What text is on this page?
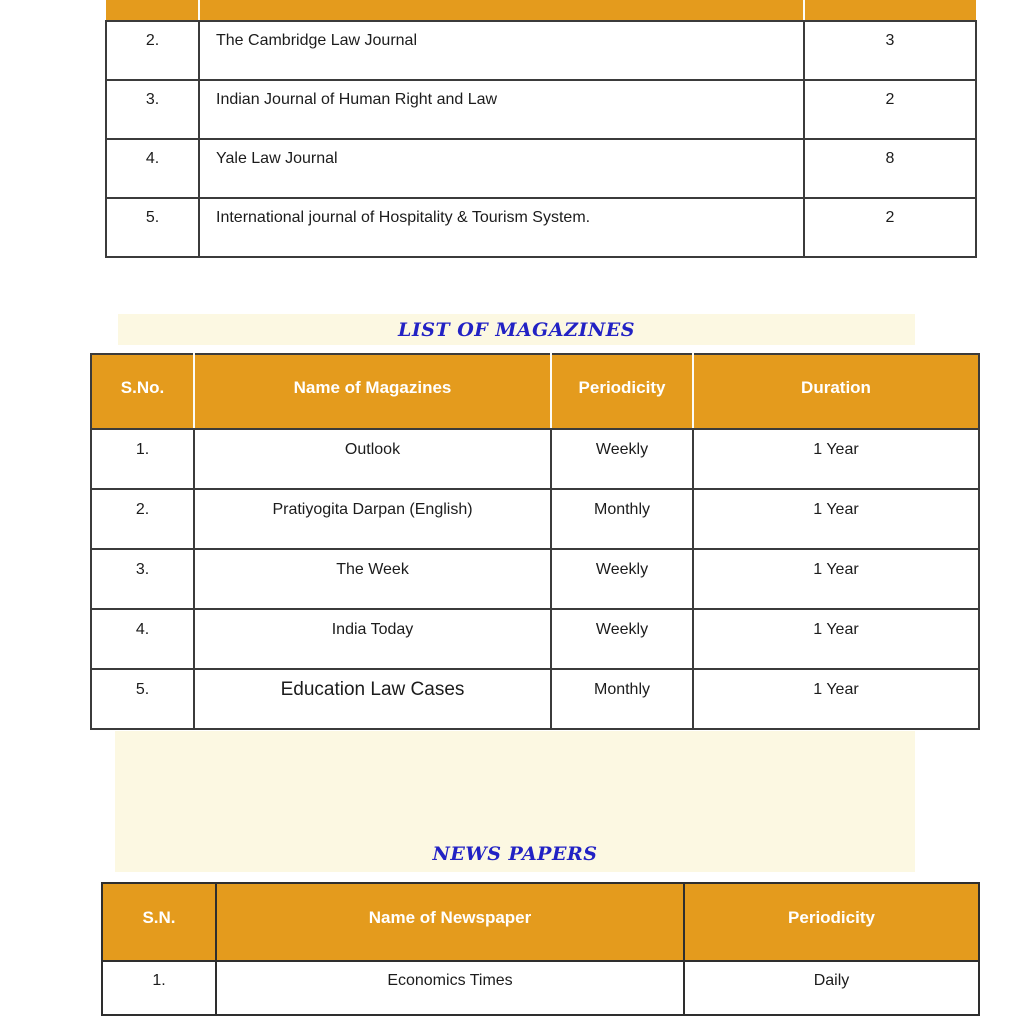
2.	The Cambridge Law Journal	3
3.	Indian Journal of Human Right and Law	2
4.	Yale Law Journal	8
5.	International journal of Hospitality & Tourism System.	2
LIST OF MAGAZINES
S.No.	Name of Magazines	Periodicity	Duration
1.	Outlook	Weekly	1 Year
2.	Pratiyogita Darpan (English)	Monthly	1 Year
3.	The Week	Weekly	1 Year
4.	India Today	Weekly	1 Year
5.	Education Law Cases	Monthly	1 Year
NEWS PAPERS
S.N.	Name of Newspaper	Periodicity
1.	Economics Times	Daily
